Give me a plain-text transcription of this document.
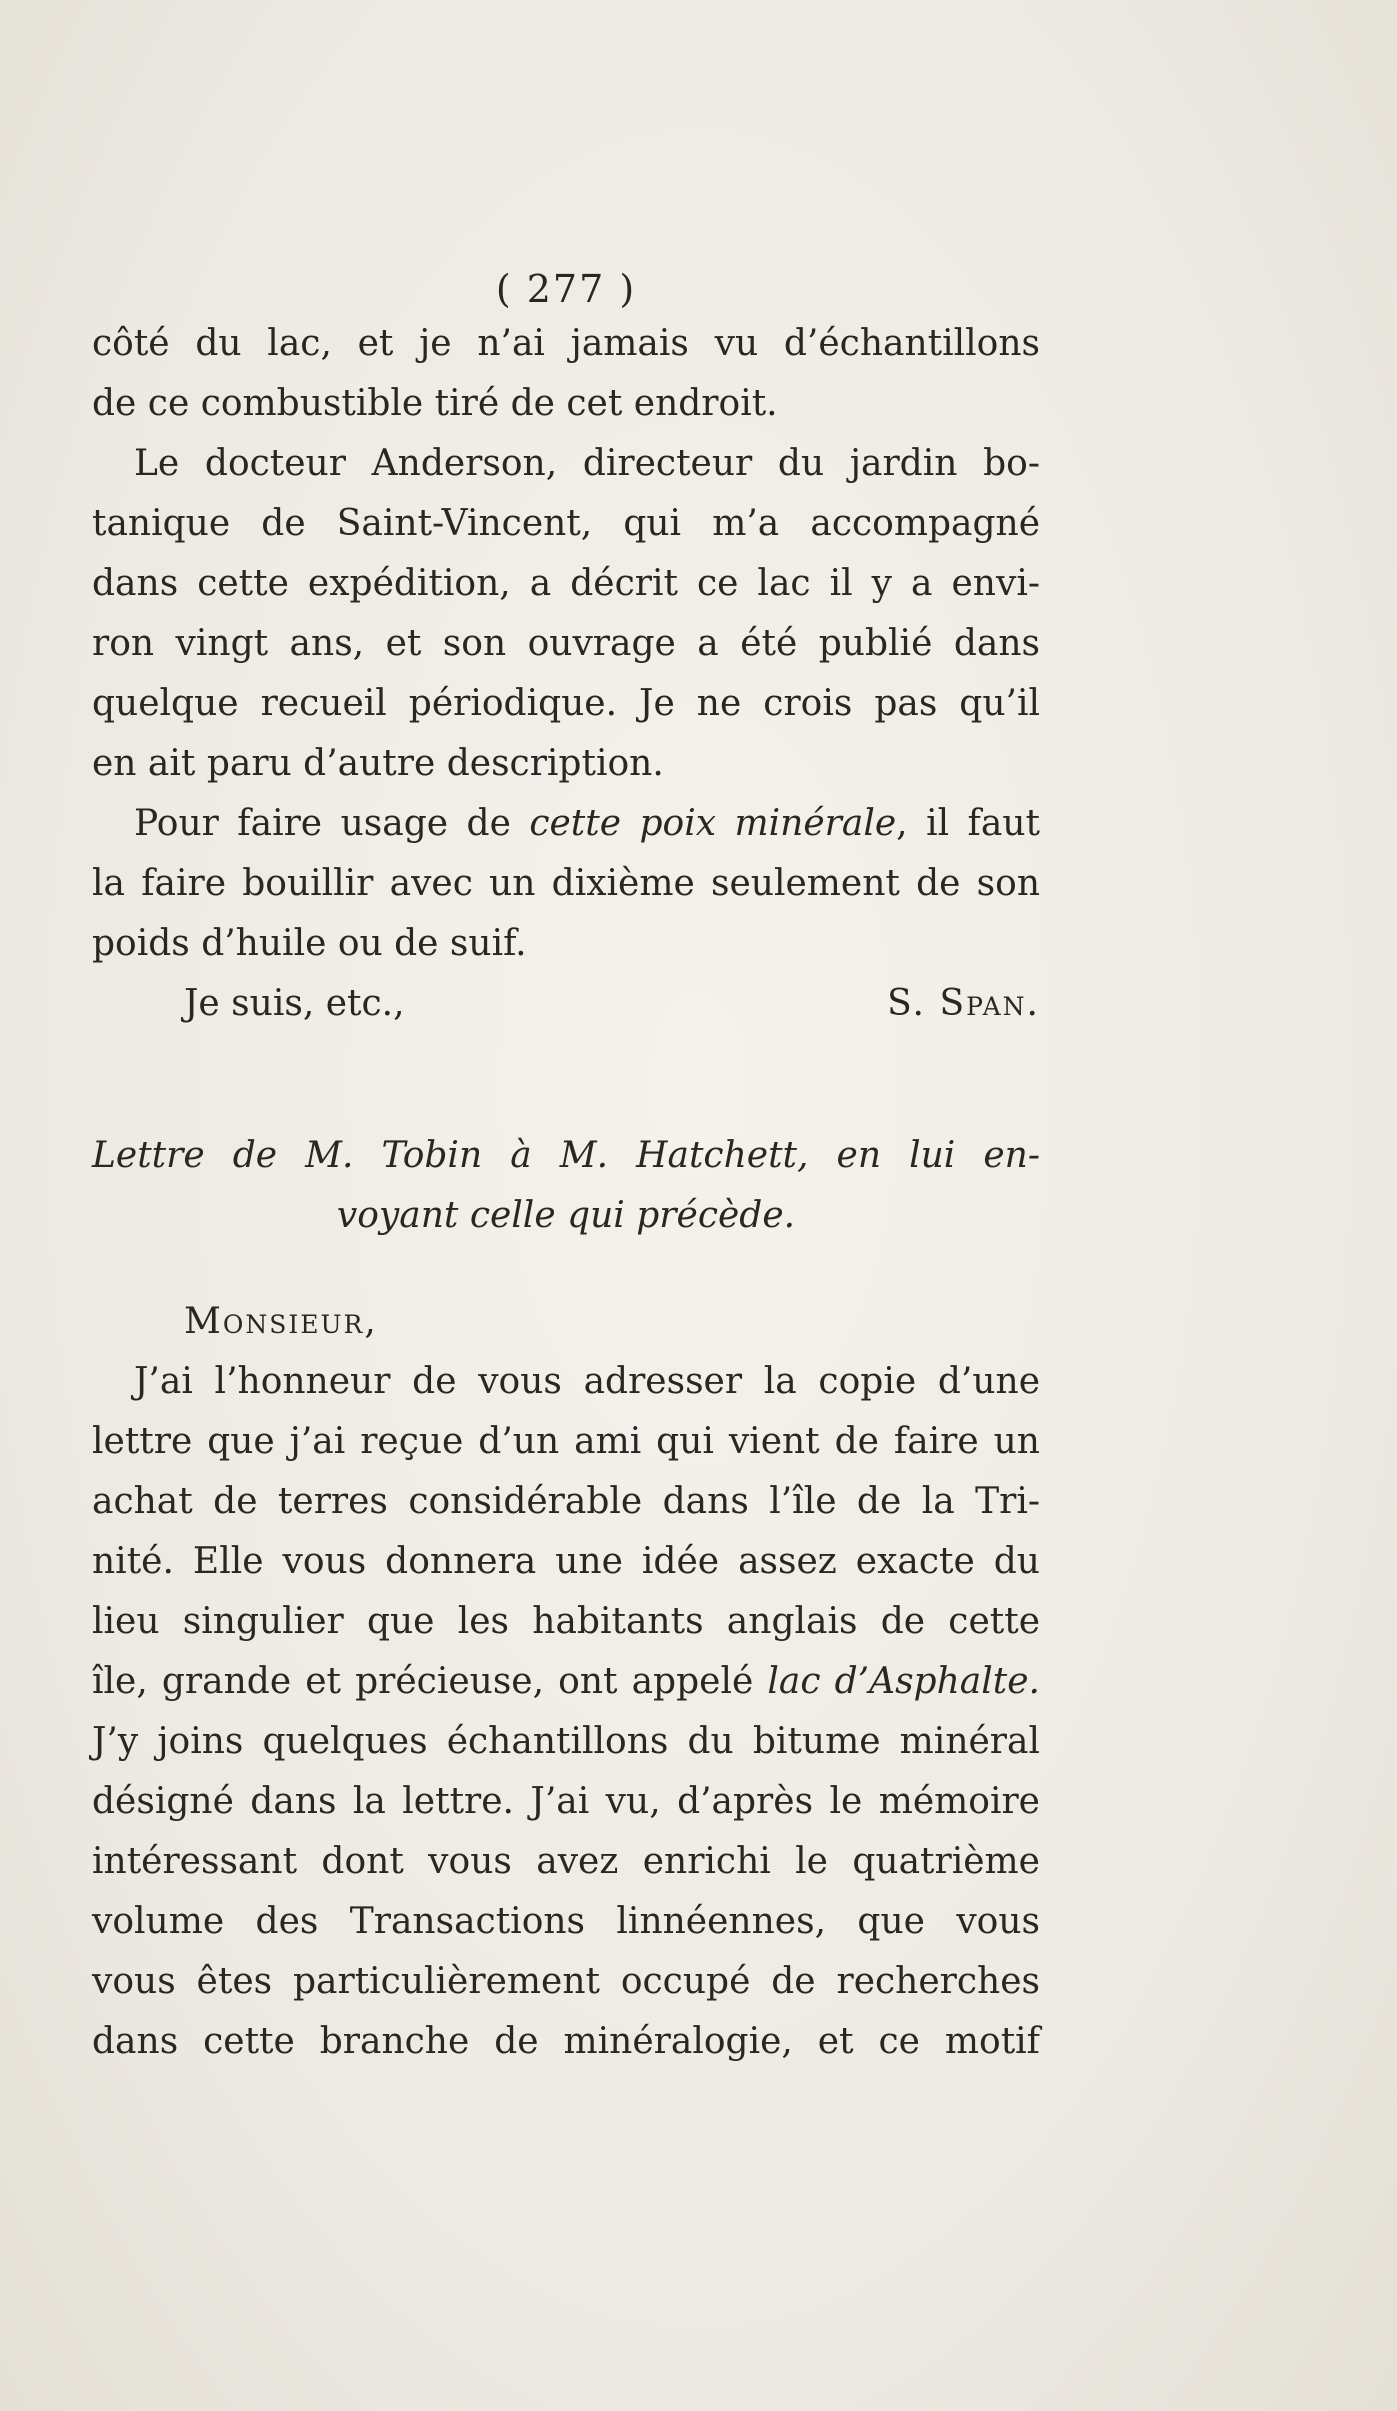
( 277 )
côté du lac, et je n’ai jamais vu d’échantillons
de ce combustible tiré de cet endroit.
Le docteur Anderson, directeur du jardin bo-
tanique de Saint-Vincent, qui m’a accompagné
dans cette expédition, a décrit ce lac il y a envi-
ron vingt ans, et son ouvrage a été publié dans
quelque recueil périodique. Je ne crois pas qu’il
en ait paru d’autre description.
Pour faire usage de cette poix minérale, il faut
la faire bouillir avec un dixième seulement de son
poids d’huile ou de suif.
Je suis, etc.,	S. Span.
Lettre de M. Tobin à M. Hatchett, en lui en-
voyant celle qui précède.
Monsieur,
J’ai l’honneur de vous adresser la copie d’une
lettre que j’ai reçue d’un ami qui vient de faire un
achat de terres considérable dans l’île de la Tri-
nité. Elle vous donnera une idée assez exacte du
lieu singulier que les habitants anglais de cette
île, grande et précieuse, ont appelé lac d’Asphalte.
J’y joins quelques échantillons du bitume minéral
désigné dans la lettre. J’ai vu, d’après le mémoire
intéressant dont vous avez enrichi le quatrième
volume des Transactions linnéennes, que vous
vous êtes particulièrement occupé de recherches
dans cette branche de minéralogie, et ce motif
